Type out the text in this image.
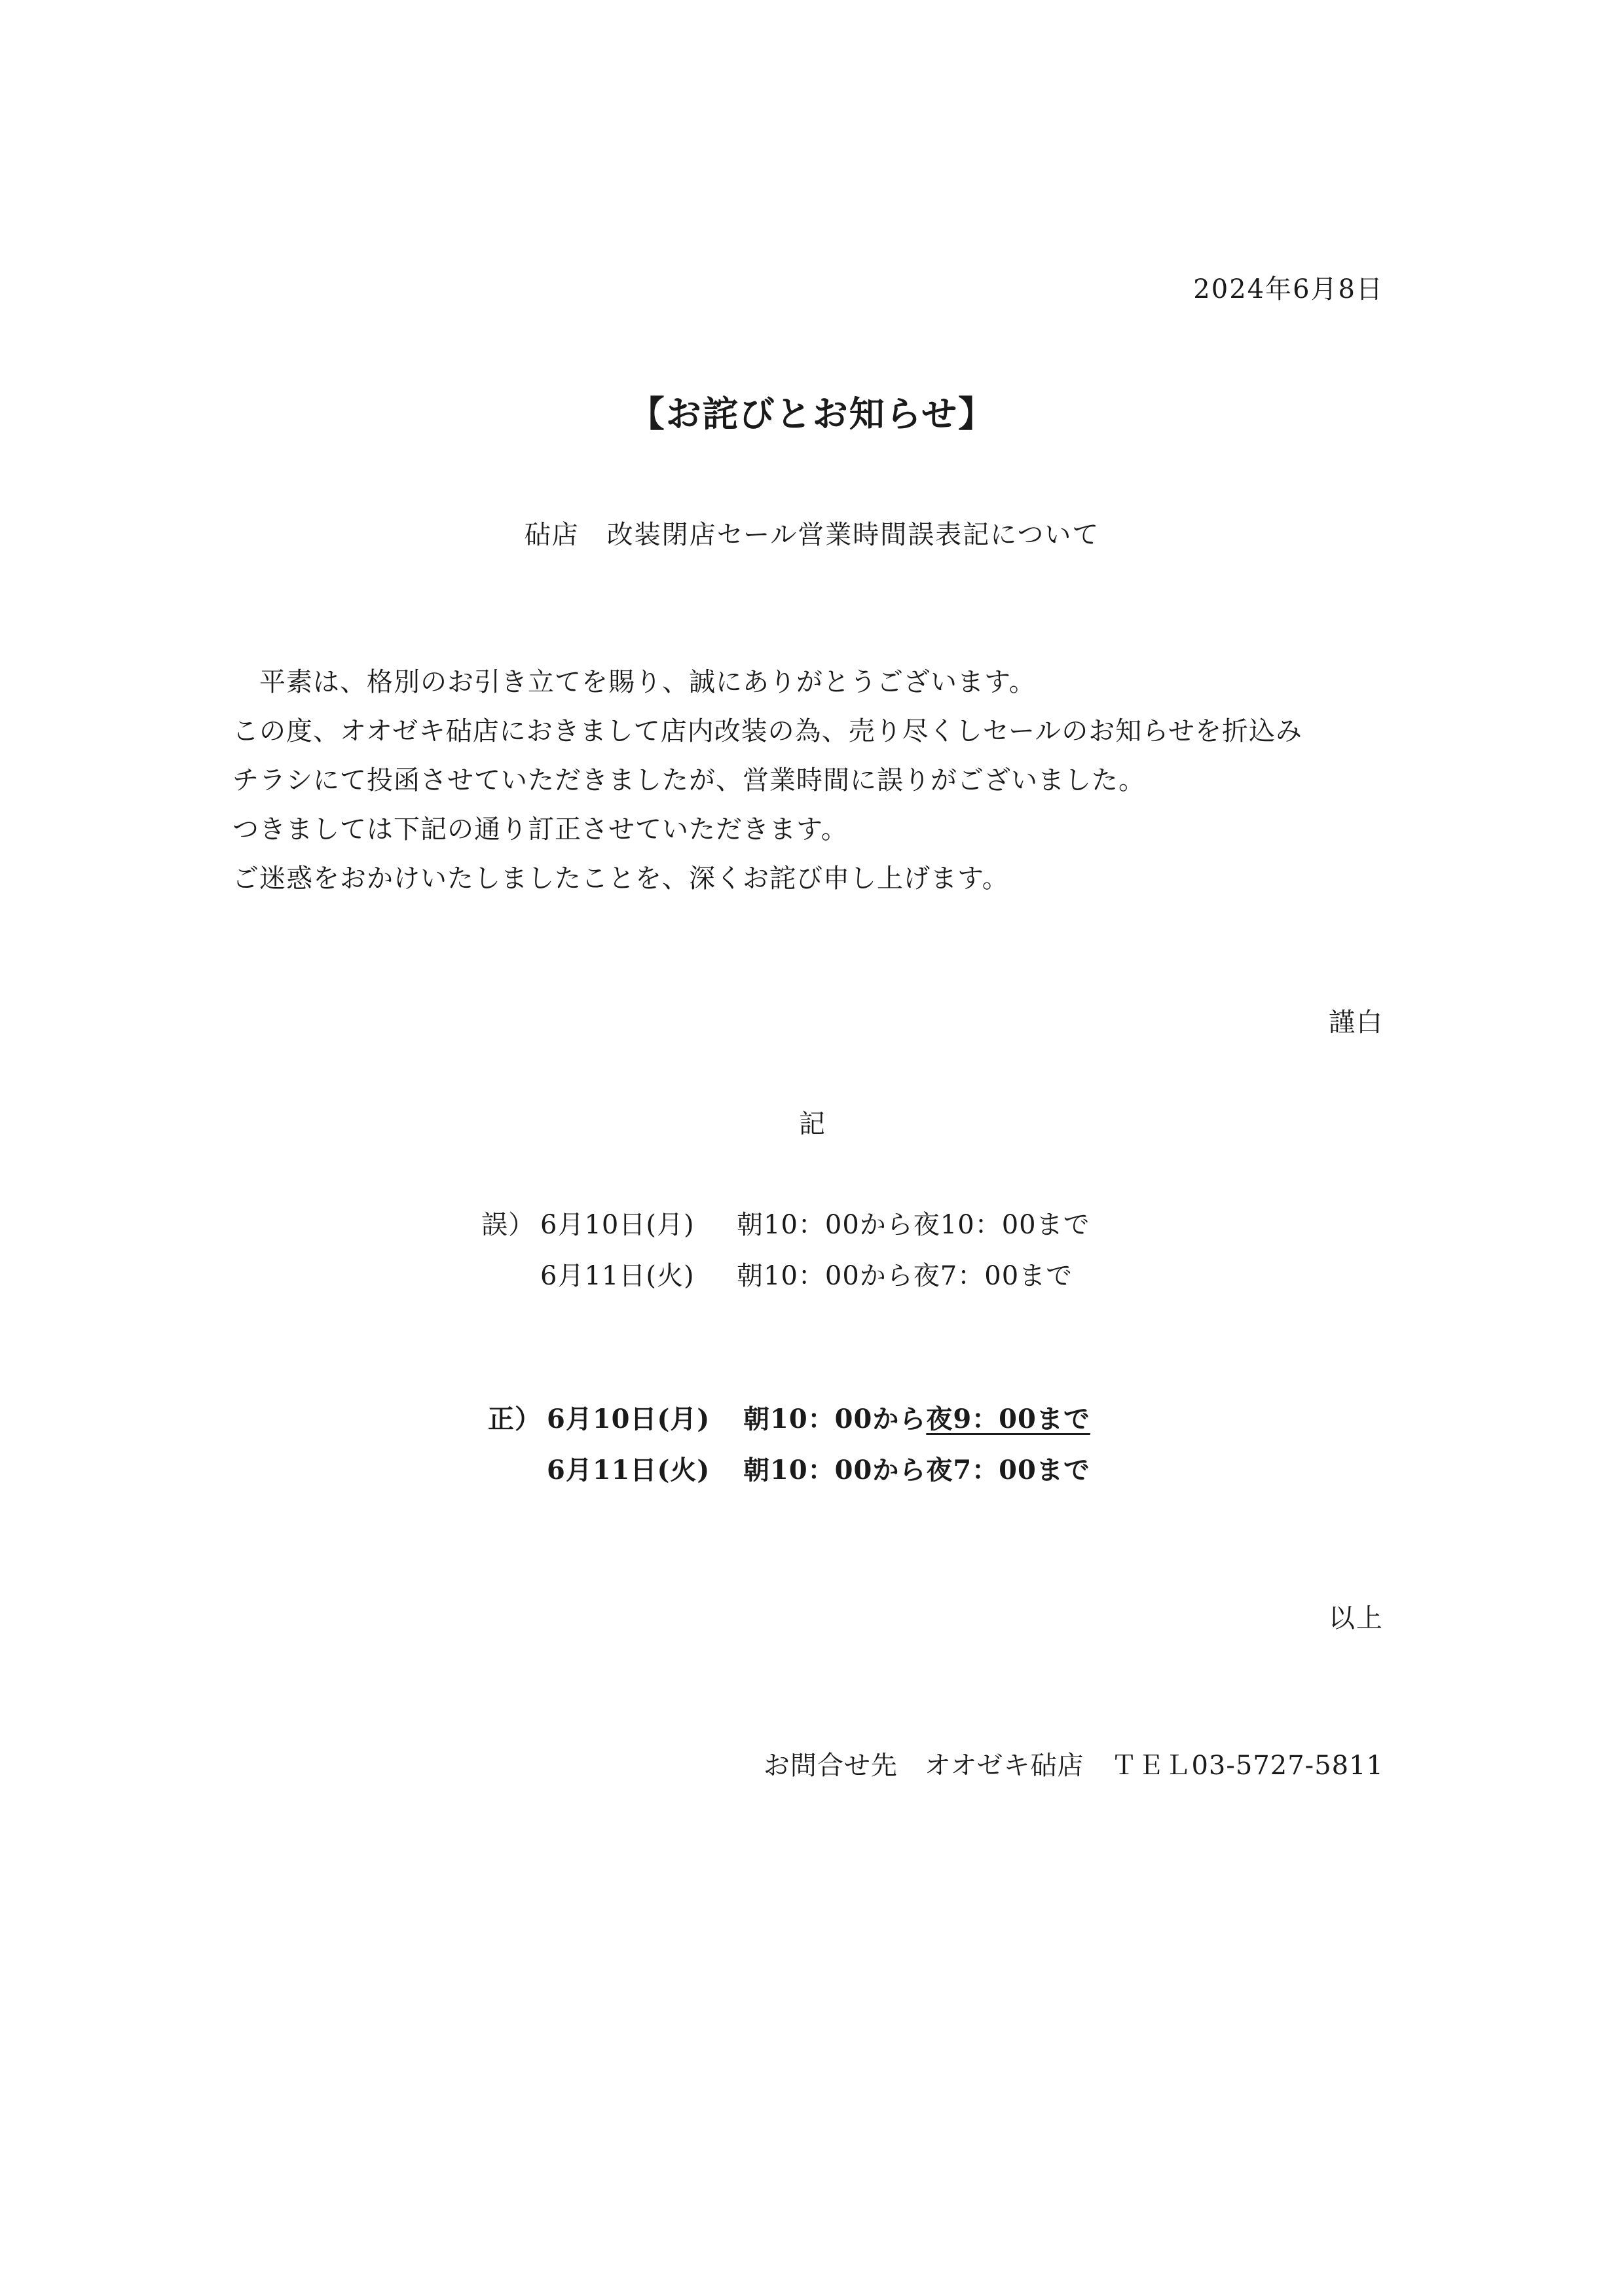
2024年6月8日
【お詫びとお知らせ】
砧店　改装閉店セール営業時間誤表記について

　平素は、格別のお引き立てを賜り、誠にありがとうございます。

この度、オオゼキ砧店におきまして店内改装の為、売り尽くしセールのお知らせを折込み

チラシにて投函させていただきましたが、営業時間に誤りがございました。

つきましては下記の通り訂正させていただきます。

ご迷惑をおかけいたしましたことを、深くお詫び申し上げます。

謹白
記
誤） 6月10日(月)	朝10：00から夜10：00まで
6月11日(火)	朝10：00から夜7：00まで
正） 6月10日(月)	朝10：00から夜9：00まで
6月11日(火)	朝10：00から夜7：00まで
以上
お問合せ先　オオゼキ砧店　ＴＥＬ03-5727-5811
